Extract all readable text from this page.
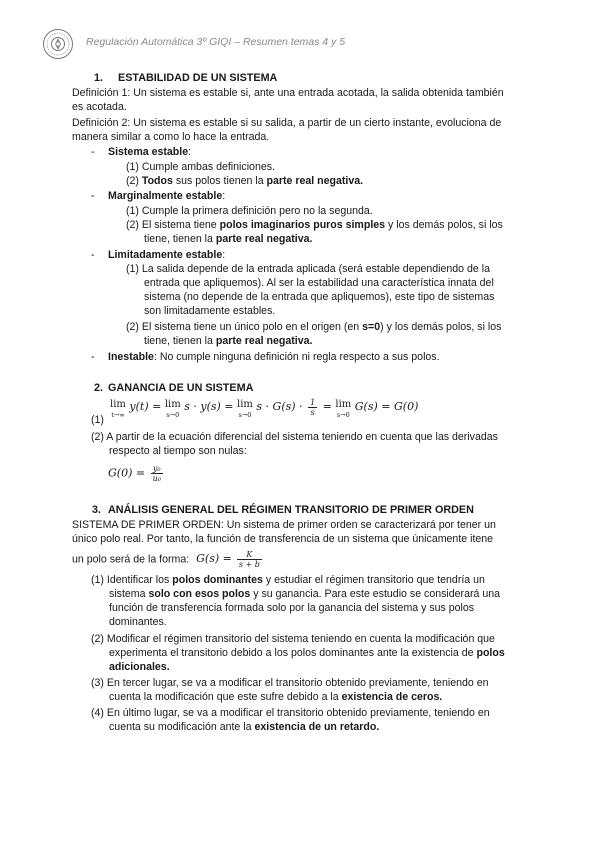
Regulación Automática 3º GIQI – Resumen temas 4 y 5
1. ESTABILIDAD DE UN SISTEMA
Definición 1: Un sistema es estable si, ante una entrada acotada, la salida obtenida también
es acotada.
Definición 2: Un sistema es estable si su salida, a partir de un cierto instante, evoluciona de
manera similar a como lo hace la entrada.
- Sistema estable:
(1) Cumple ambas definiciones.
(2) Todos sus polos tienen la parte real negativa.
- Marginalmente estable:
(1) Cumple la primera definición pero no la segunda.
(2) El sistema tiene polos imaginarios puros simples y los demás polos, si los
tiene, tienen la parte real negativa.
- Limitadamente estable:
(1) La salida depende de la entrada aplicada (será estable dependiendo de la
entrada que apliquemos). Al ser la estabilidad una característica innata del
sistema (no depende de la entrada que apliquemos), este tipo de sistemas
son limitadamente estables.
(2) El sistema tiene un único polo en el origen (en s=0) y los demás polos, si los
tiene, tienen la parte real negativa.
- Inestable: No cumple ninguna definición ni regla respecto a sus polos.
2. GANANCIA DE UN SISTEMA
(1)
lim
t→∞
y(t) = lim
s→0
s · y(s) = lim
s→0
$s \cdot G(s) \cdot \frac{1}{s} = \lim$
s→0
G(s) = G(0)
(2) A partir de la ecuación diferencial del sistema teniendo en cuenta que las derivadas
respecto al tiempo son nulas:
$G(0) = \frac{\text{y₀}}{\text{u₀}}$
3. ANÁLISIS GENERAL DEL RÉGIMEN TRANSITORIO DE PRIMER ORDEN
SISTEMA DE PRIMER ORDEN: Un sistema de primer orden se caracterizará por tener un
único polo real. Por tanto, la función de transferencia de un sistema que únicamente itene
un polo será de la forma: $G(s) = \frac{K}{s + b}$
(1) Identificar los polos dominantes y estudiar el régimen transitorio que tendría un
sistema solo con esos polos y su ganancia. Para este estudio se considerará una
función de transferencia formada solo por la ganancia del sistema y sus polos
dominantes.
(2) Modificar el régimen transitorio del sistema teniendo en cuenta la modificación que
experimenta el transitorio debido a los polos dominantes ante la existencia de polos
adicionales.
(3) En tercer lugar, se va a modificar el transitorio obtenido previamente, teniendo en
cuenta la modificación que este sufre debido a la existencia de ceros.
(4) En último lugar, se va a modificar el transitorio obtenido previamente, teniendo en
cuenta su modificación ante la existencia de un retardo.
